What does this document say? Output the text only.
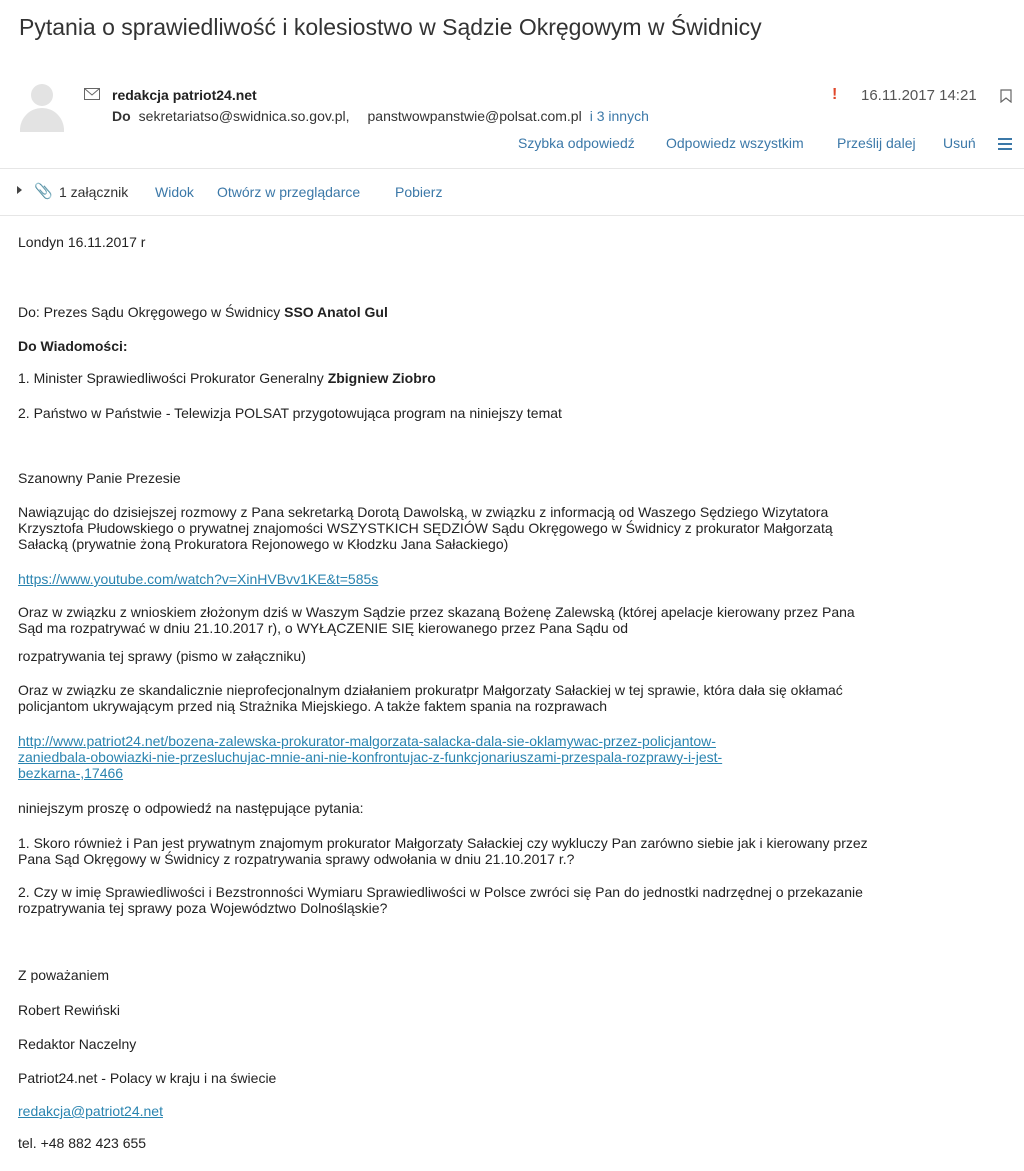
Pytania o sprawiedliwość i kolesiostwo w Sądzie Okręgowym w Świdnicy
redakcja patriot24.net
Do sekretariatso@swidnica.so.gov.pl, panstwowpanstwie@polsat.com.pl i 3 innych
! 16.11.2017 14:21
Szybka odpowiedź Odpowiedz wszystkim Prześlij dalej Usuń
📎 1 załącznik Widok Otwórz w przeglądarce Pobierz
Londyn 16.11.2017 r
Do: Prezes Sądu Okręgowego w Świdnicy SSO Anatol Gul
Do Wiadomości:
1. Minister Sprawiedliwości Prokurator Generalny Zbigniew Ziobro
2. Państwo w Państwie - Telewizja POLSAT przygotowująca program na niniejszy temat
Szanowny Panie Prezesie
Nawiązując do dzisiejszej rozmowy z Pana sekretarką Dorotą Dawolską, w związku z informacją od Waszego Sędziego Wizytatora Krzysztofa Płudowskiego o prywatnej znajomości WSZYSTKICH SĘDZIÓW Sądu Okręgowego w Świdnicy z prokurator Małgorzatą Sałacką (prywatnie żoną Prokuratora Rejonowego w Kłodzku Jana Sałackiego)
https://www.youtube.com/watch?v=XinHVBvv1KE&t=585s
Oraz w związku z wnioskiem złożonym dziś w Waszym Sądzie przez skazaną Bożenę Zalewską (której apelacje kierowany przez Pana Sąd ma rozpatrywać w dniu 21.10.2017 r), o WYŁĄCZENIE SIĘ kierowanego przez Pana Sądu od
rozpatrywania tej sprawy (pismo w załączniku)
Oraz w związku ze skandalicznie nieprofecjonalnym działaniem prokuratpr Małgorzaty Sałackiej w tej sprawie, która dała się okłamać policjantom ukrywającym przed nią Strażnika Miejskiego. A także faktem spania na rozprawach
http://www.patriot24.net/bozena-zalewska-prokurator-malgorzata-salacka-dala-sie-oklamywac-przez-policjantow-
zaniedbala-obowiazki-nie-przesluchujac-mnie-ani-nie-konfrontujac-z-funkcjonariuszami-przespala-rozprawy-i-jest-
bezkarna-,17466
niniejszym proszę o odpowiedź na następujące pytania:
1. Skoro również i Pan jest prywatnym znajomym prokurator Małgorzaty Sałackiej czy wykluczy Pan zarówno siebie jak i kierowany przez Pana Sąd Okręgowy w Świdnicy z rozpatrywania sprawy odwołania w dniu 21.10.2017 r.?
2. Czy w imię Sprawiedliwości i Bezstronności Wymiaru Sprawiedliwości w Polsce zwróci się Pan do jednostki nadrzędnej o przekazanie rozpatrywania tej sprawy poza Województwo Dolnośląskie?
Z poważaniem
Robert Rewiński
Redaktor Naczelny
Patriot24.net - Polacy w kraju i na świecie
redakcja@patriot24.net
tel. +48 882 423 655
